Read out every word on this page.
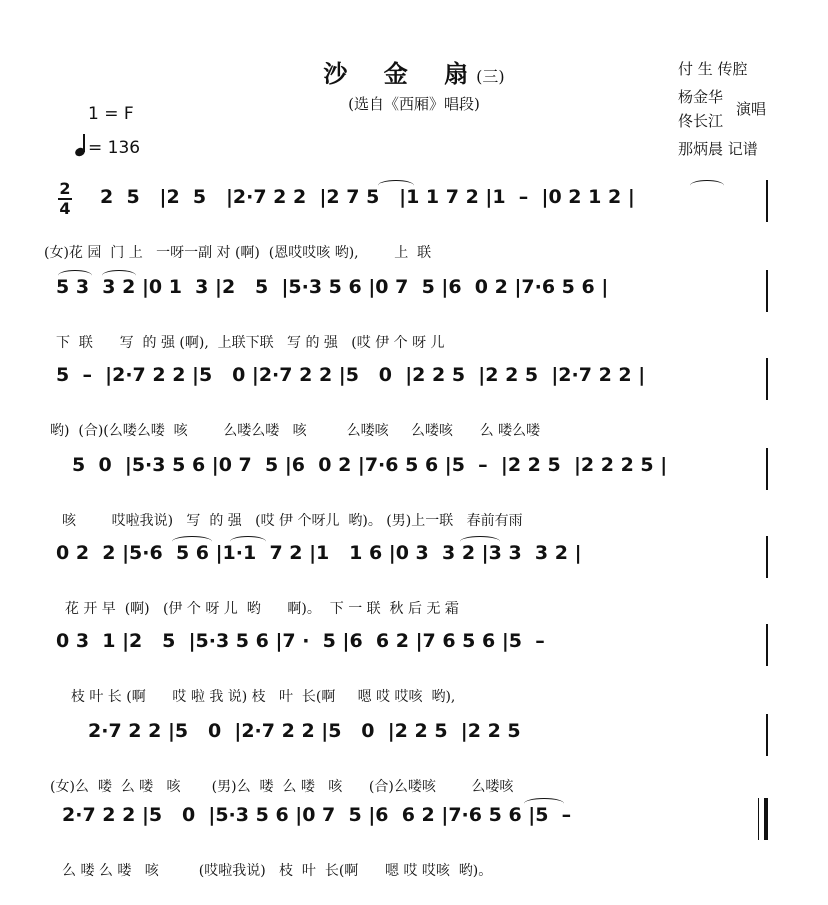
沙 金 扇(三)
(选自《西厢》唱段)
付 生 传腔
杨金华
佟长江
演唱
那炳晨 记谱
1 = F
= 136
2
4
2  5   |2  5   |2·7 2 2  |2 7 5   |1 1 7 2 |1  –  |0 2 1 2 |
(女)花 园  门 上   一呀一副 对 (啊)  (恩哎哎咳 哟),        上  联
5 3  3 2 |0 1  3 |2   5  |5·3 5 6 |0 7  5 |6  0 2 |7·6 5 6 |
下  联      写  的 强 (啊),  上联下联   写 的 强   (哎 伊 个 呀 儿
5  –  |2·7 2 2 |5   0 |2·7 2 2 |5   0  |2 2 5  |2 2 5  |2·7 2 2 |
哟)  (合)(么喽么喽  咳        么喽么喽   咳         么喽咳     么喽咳      么 喽么喽
5  0  |5·3 5 6 |0 7  5 |6  0 2 |7·6 5 6 |5  –  |2 2 5  |2 2 2 5 |
咳        哎啦我说)   写  的 强   (哎 伊 个呀儿  哟)。 (男)上一联   春前有雨
0 2  2 |5·6  5 6 |1·1  7 2 |1   1 6 |0 3  3 2 |3 3  3 2 |
花 开 早  (啊)   (伊 个 呀 儿  哟      啊)。  下 一 联  秋 后 无 霜
0 3  1 |2   5  |5·3 5 6 |7 ·  5 |6  6 2 |7 6 5 6 |5  –
枝 叶 长 (啊      哎 啦 我 说) 枝   叶  长(啊     嗯 哎 哎咳  哟),
2·7 2 2 |5   0  |2·7 2 2 |5   0  |2 2 5  |2 2 5
(女)么  喽  么 喽   咳       (男)么  喽  么 喽   咳      (合)么喽咳        么喽咳
2·7 2 2 |5   0  |5·3 5 6 |0 7  5 |6  6 2 |7·6 5 6 |5  –
么 喽 么 喽   咳         (哎啦我说)   枝  叶  长(啊      嗯 哎 哎咳  哟)。
